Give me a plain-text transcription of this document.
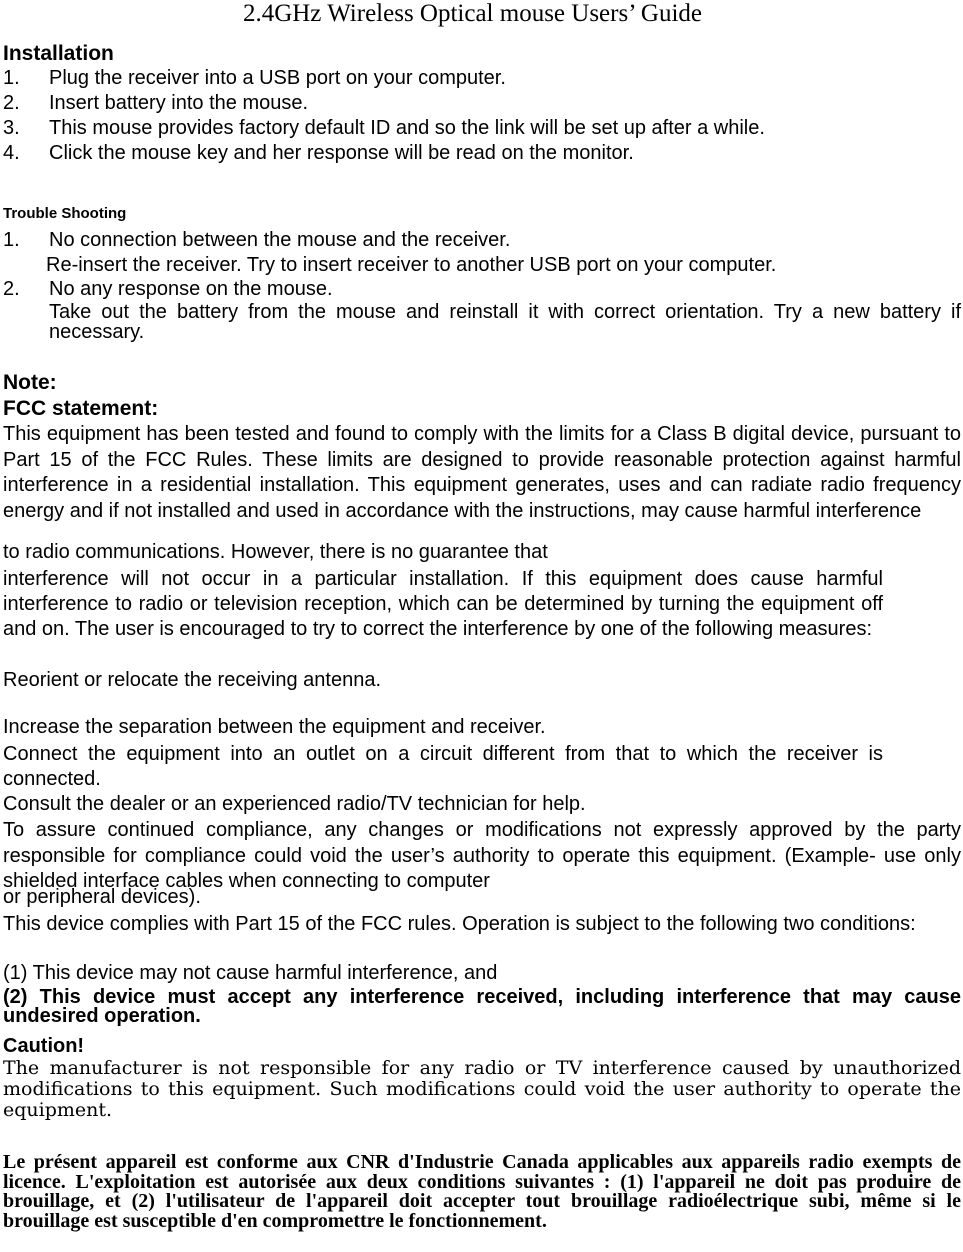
2.4GHz Wireless Optical mouse Users’ Guide
Installation
1. Plug the receiver into a USB port on your computer.
2. Insert battery into the mouse.
3. This mouse provides factory default ID and so the link will be set up after a while.
4. Click the mouse key and her response will be read on the monitor.
Trouble Shooting
1. No connection between the mouse and the receiver.
Re-insert the receiver. Try to insert receiver to another USB port on your computer.
2. No any response on the mouse.
Take out the battery from the mouse and reinstall it with correct orientation. Try a new battery if necessary.
Note:
FCC statement:
This equipment has been tested and found to comply with the limits for a Class B digital device, pursuant to Part 15 of the FCC Rules. These limits are designed to provide reasonable protection against harmful interference in a residential installation. This equipment generates, uses and can radiate radio frequency energy and if not installed and used in accordance with the instructions, may cause harmful interference
to radio communications. However, there is no guarantee that
interference will not occur in a particular installation. If this equipment does cause harmful interference to radio or television reception, which can be determined by turning the equipment off and on. The user is encouraged to try to correct the interference by one of the following measures:
Reorient or relocate the receiving antenna.
Increase the separation between the equipment and receiver.
Connect the equipment into an outlet on a circuit different from that to which the receiver is connected.
Consult the dealer or an experienced radio/TV technician for help.
To assure continued compliance, any changes or modifications not expressly approved by the party responsible for compliance could void the user’s authority to operate this equipment. (Example- use only shielded interface cables when connecting to computer
or peripheral devices).
This device complies with Part 15 of the FCC rules. Operation is subject to the following two conditions:
(1) This device may not cause harmful interference, and
(2) This device must accept any interference received, including interference that may cause undesired operation.
Caution!
The manufacturer is not responsible for any radio or TV interference caused by unauthorized modifications to this equipment. Such modifications could void the user authority to operate the equipment.
Le présent appareil est conforme aux CNR d'Industrie Canada applicables aux appareils radio exempts de licence. L'exploitation est autorisée aux deux conditions suivantes : (1) l'appareil ne doit pas produire de brouillage, et (2) l'utilisateur de l'appareil doit accepter tout brouillage radioélectrique subi, même si le brouillage est susceptible d'en compromettre le fonctionnement.
